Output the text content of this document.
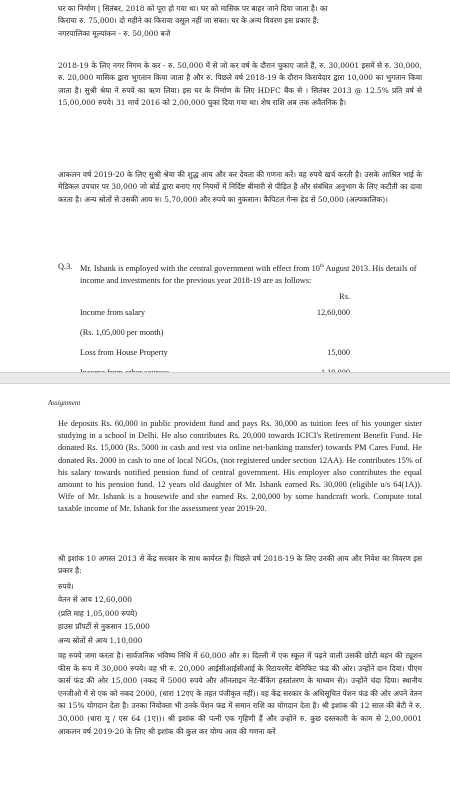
घर का निर्माण | सितंबर, 2018 को पूरा हो गया था। घर को मासिक पर बाहर जाने दिया जाता है। का

किराया रु. 75,000। दो महीने का किराया वसूल नहीं जा सका। घर के अन्य विवरण इस प्रकार हैं:

नगरपालिका मूल्यांकन - रु. 50,000 बजे

2018-19 के लिए नगर निगम के कर - रु. 50,000 में से जो कर वर्ष के दौरान चुकाए जाते हैं, रु. 30,0001 इसमें से रु. 30,000, रु. 20,000 मासिक द्वारा भुगतान किया जाता है और रु. पिछले वर्ष 2018-19 के दौरान किरायेदार द्वारा 10,000 का भुगतान किया जाता है। सुश्री श्रेया ने रुपये का ऋण लिया। इस घर के निर्माण के लिए HDFC बैंक से । सितंबर 2013 @ 12.5% प्रति वर्ष से 15,00,000 रुपये। 31 मार्च 2016 को 2,00,000 चुका दिया गया था। शेष राशि अब तक अवैतनिक है।

आकलन वर्ष 2019-20 के लिए सुश्री श्रेया की शुद्ध आय और कर देयता की गणना करें। वह रुपये खर्च करती है। उसके आश्रित भाई के मेडिकल उपचार पर 30,000 जो बोर्ड द्वारा बनाए गए नियमों में निर्दिष्ट बीमारी से पीड़ित है और संबंधित अनुभाग के लिए कटौती का दावा करता है। अन्य स्रोतों से उसकी आय रु। 5,70,000 और रुपये का नुकसान। कैपिटल गेन्स हेड से 50,000 (अल्पकालिक)।

Q.3. Mr. Ishank is employed with the central government with effect from 10th August 2013. His details of income and investments for the previous year 2018-19 are as follows:
Rs.
Income from salary	12,60,000
(Rs. 1,05,000 per month)
Loss from House Property	15,000
Assignment

He deposits Rs. 60,000 in public provident fund and pays Rs. 30,000 as tuition fees of his younger sister studying in a school in Delhi. He also contributes Rs. 20,000 towards ICICI's Retirement Benefit Fund. He donated Rs. 15,000 (Rs. 5000 in cash and rest via online net-banking transfer) towards PM Cares Fund. He donated Rs. 2000 in cash to one of local NGOs, (not registered under section 12AA). He contributes 15% of his salary towards notified pension fund of central government. His employer also contributes the equal amount to his pension fund. 12 years old daughter of Mr. Ishank earned Rs. 30,000 (eligible u/s 64(1A)). Wife of Mr. Ishank is a housewife and she earned Rs. 2,00,000 by some handcraft work. Compute total taxable income of Mr. Ishank for the assessment year 2019-20.

श्री इशांक 10 अगस्त 2013 से केंद्र सरकार के साथ कार्यरत हैं। पिछले वर्ष 2018-19 के लिए उनकी आय और निवेश का विवरण इस प्रकार है:

रुपये।

वेतन से आय 12,60,000

(प्रति माह 1,05,000 रुपये)

हाउस प्रॉपर्टी से नुकसान 15,000

अन्य स्रोतों से आय 1,10,000

वह रुपये जमा करता है। सार्वजनिक भविष्य निधि में 60,000 और रु। दिल्ली में एक स्कूल में पढ़ने वाली उसकी छोटी बहन की ट्यूशन फीस के रूप में 30,000 रुपये। वह भी रु. 20,000 आईसीआईसीआई के रिटायरमेंट बेनिफिट फंड की ओर। उन्होंने दान दिया। पीएम कार्स फंड की ओर 15,000 (नकद में 5000 रुपये और ऑनलाइन नेट-बैंकिंग हस्तांतरण के माध्यम से)। उन्होंने चंदा दिया। स्थानीय एनजीओ में से एक को नकद 2000, (धारा 12एए के तहत पंजीकृत नहीं)। वह केंद्र सरकार के अधिसूचित पेंशन फंड की ओर अपने वेतन का 15% योगदान देता है। उनका नियोक्ता भी उनके पेंशन फंड में समान राशि का योगदान देता है। श्री इशांक की 12 साल की बेटी ने रु. 30,000 (धारा यू / एस 64 (1ए))। श्री इशांक की पत्नी एक गृहिणी हैं और उन्होंने रु. कुछ दस्तकारी के काम से 2,00,0001 आकलन वर्ष 2019-20 के लिए श्री इशांक की कुल कर योग्य आय की गणना करें
